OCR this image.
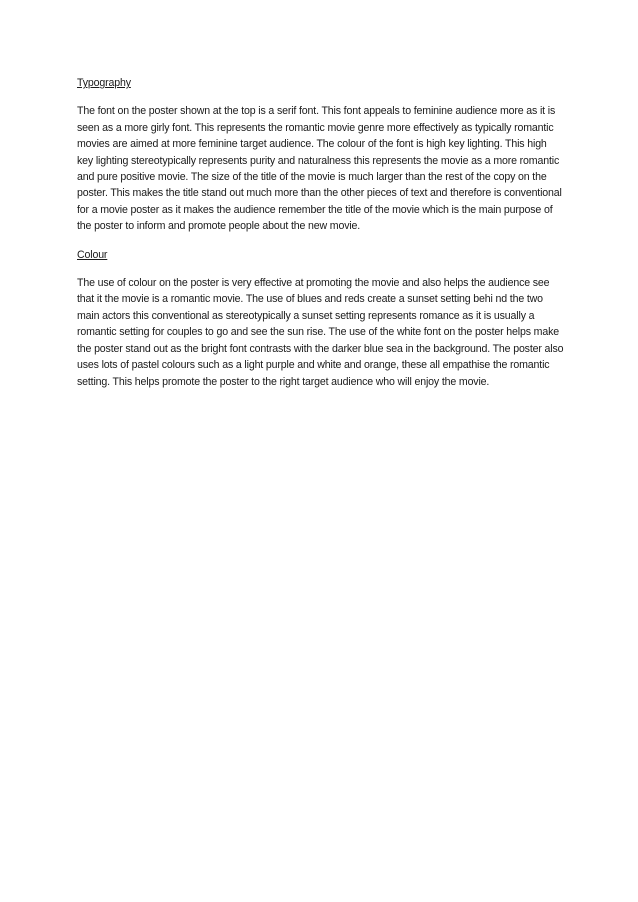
Typography

The font on the poster shown at the top is a serif font. This font appeals to feminine audience more as it is seen as a more girly font. This represents the romantic movie genre more effectively as typically romantic movies are aimed at more feminine target audience. The colour of the font is high key lighting. This high key lighting stereotypically represents purity and naturalness this represents the movie as a more romantic and pure positive movie. The size of the title of the movie is much larger than the rest of the copy on the poster. This makes the title stand out much more than the other pieces of text and therefore is conventional for a movie poster as it makes the audience remember the title of the movie which is the main purpose of the poster to inform and promote people about the new movie.

Colour

The use of colour on the poster is very effective at promoting the movie and also helps the audience see that it the movie is a romantic movie. The use of blues and reds create a sunset setting behi nd the two main actors this conventional as stereotypically a sunset setting represents romance as it is usually a romantic setting for couples to go and see the sun rise. The use of the white font on the poster helps make the poster stand out as the bright font contrasts with the darker blue sea in the background. The poster also uses lots of pastel colours such as a light purple and white and orange, these all empathise the romantic setting. This helps promote the poster to the right target audience who will enjoy the movie.
